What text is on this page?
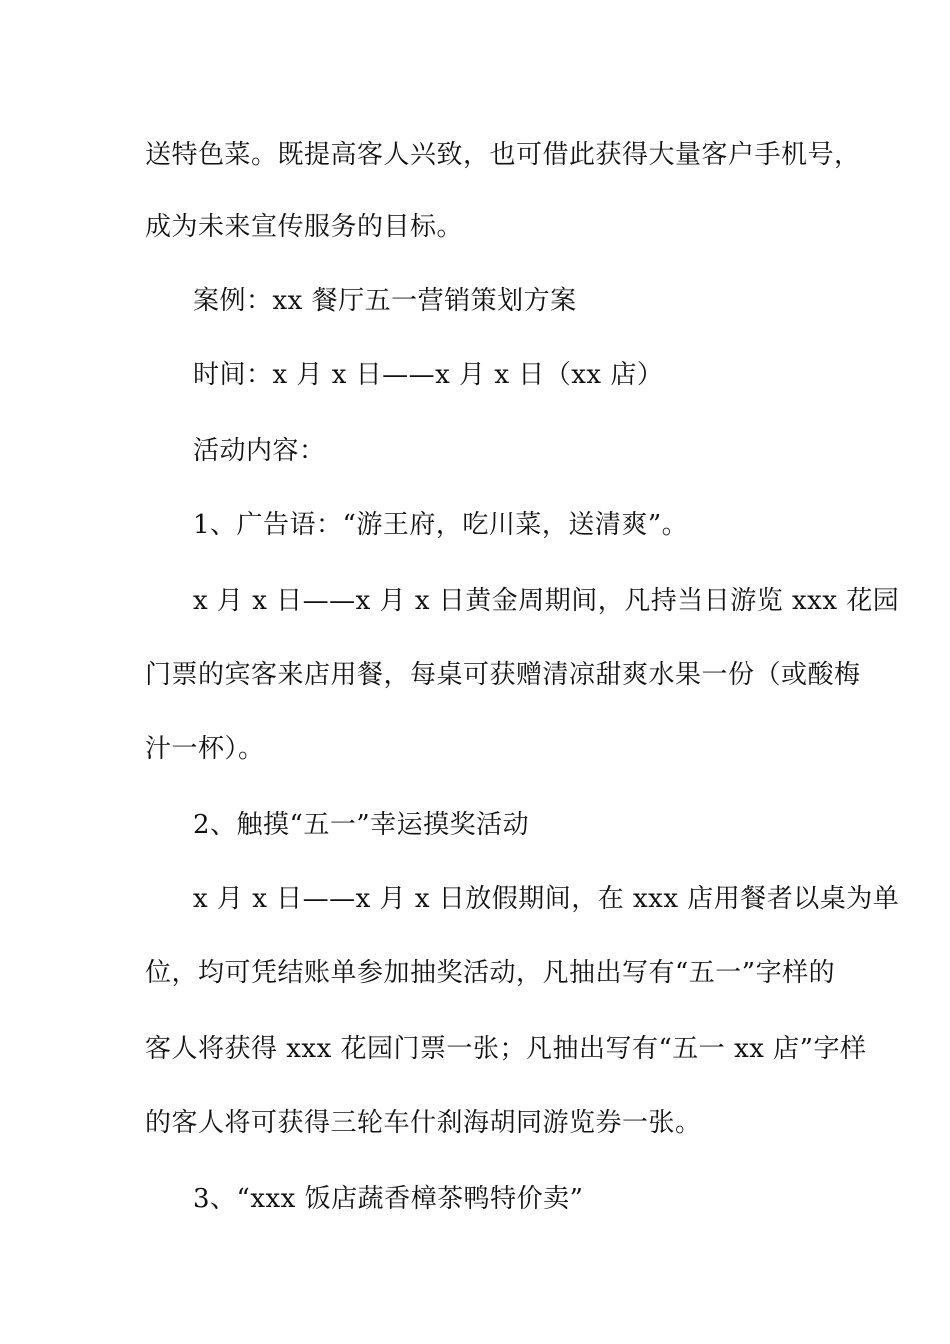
送特色菜。既提高客人兴致，也可借此获得大量客户手机号，
成为未来宣传服务的目标。
案例：xx 餐厅五一营销策划方案
时间：x 月 x 日——x 月 x 日（xx 店）
活动内容：
1、广告语：“游王府，吃川菜，送清爽”。
x 月 x 日——x 月 x 日黄金周期间，凡持当日游览 xxx 花园
门票的宾客来店用餐，每桌可获赠清凉甜爽水果一份（或酸梅
汁一杯）。
2、触摸“五一”幸运摸奖活动
x 月 x 日——x 月 x 日放假期间，在 xxx 店用餐者以桌为单
位，均可凭结账单参加抽奖活动，凡抽出写有“五一”字样的
客人将获得 xxx 花园门票一张；凡抽出写有“五一 xx 店”字样
的客人将可获得三轮车什刹海胡同游览券一张。
3、“xxx 饭店蔬香樟茶鸭特价卖”
